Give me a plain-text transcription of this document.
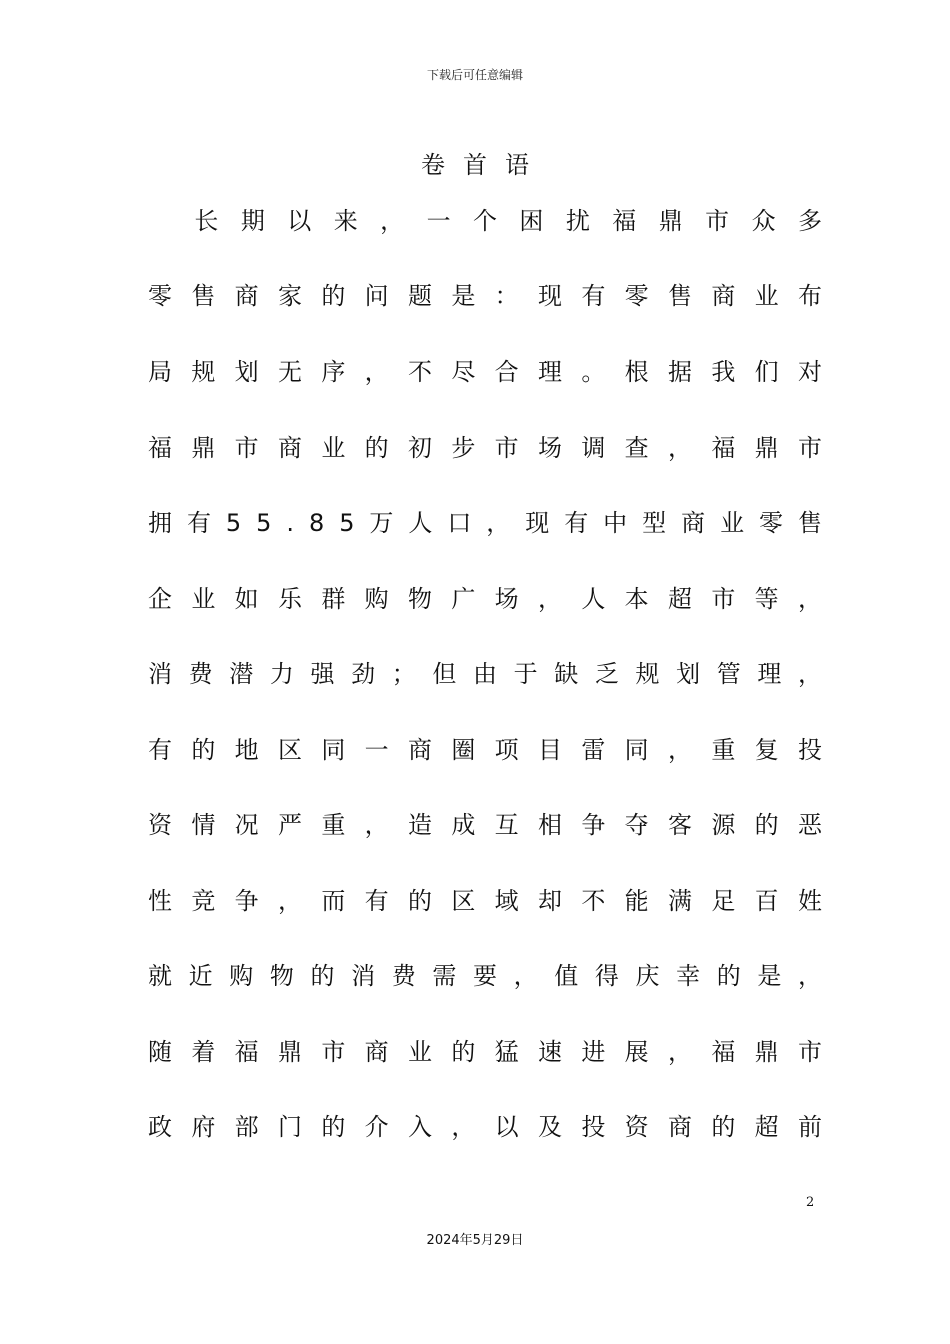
下载后可任意编辑
卷首语
　长期以来，一个困扰福鼎市众多
零售商家的问题是：现有零售商业布
局规划无序，不尽合理。根据我们对
福鼎市商业的初步市场调查，福鼎市
拥有55.85万人口，现有中型商业零售
企业如乐群购物广场，人本超市等，
消费潜力强劲；但由于缺乏规划管理，
有的地区同一商圈项目雷同，重复投
资情况严重，造成互相争夺客源的恶
性竞争，而有的区域却不能满足百姓
就近购物的消费需要，值得庆幸的是，
随着福鼎市商业的猛速进展，福鼎市
政府部门的介入，以及投资商的超前
2
2024年5月29日
